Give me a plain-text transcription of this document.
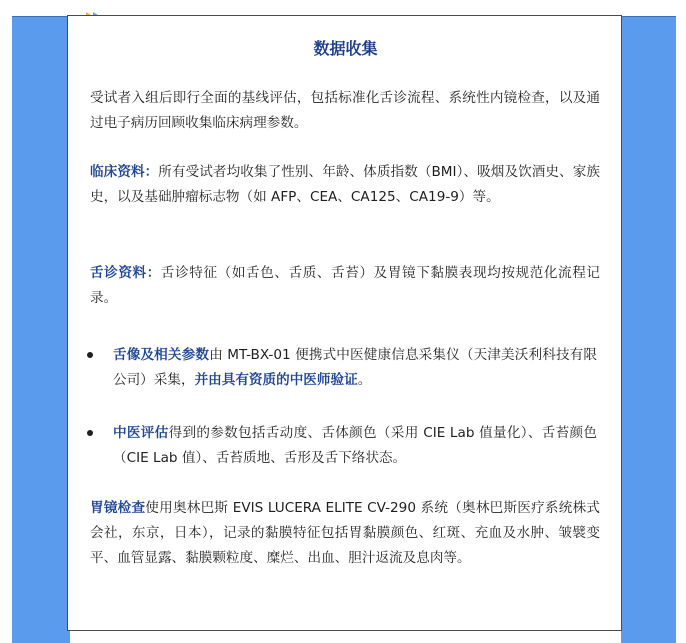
数据收集

受试者入组后即行全面的基线评估，包括标准化舌诊流程、系统性内镜检查，以及通过电子病历回顾收集临床病理参数。

临床资料：所有受试者均收集了性别、年龄、体质指数（BMI）、吸烟及饮酒史、家族史，以及基础肿瘤标志物（如 AFP、CEA、CA125、CA19-9）等。

舌诊资料：舌诊特征（如舌色、舌质、舌苔）及胃镜下黏膜表现均按规范化流程记录。

舌像及相关参数由 MT-BX-01 便携式中医健康信息采集仪（天津美沃利科技有限公司）采集，并由具有资质的中医师验证。

中医评估得到的参数包括舌动度、舌体颜色（采用 CIE Lab 值量化）、舌苔颜色（CIE Lab 值）、舌苔质地、舌形及舌下络状态。

胃镜检查使用奥林巴斯 EVIS LUCERA ELITE CV-290 系统（奥林巴斯医疗系统株式会社，东京，日本），记录的黏膜特征包括胃黏膜颜色、红斑、充血及水肿、皱襞变平、血管显露、黏膜颗粒度、糜烂、出血、胆汁返流及息肉等。
